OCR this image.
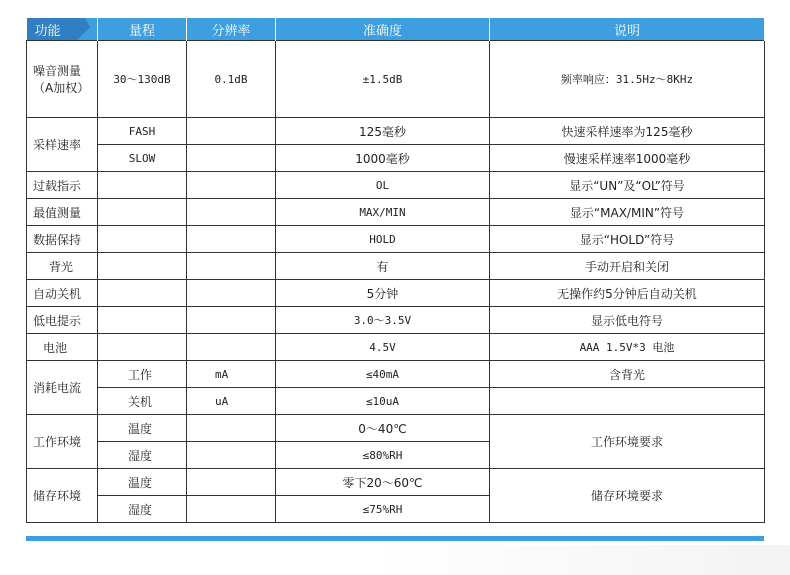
功能	量程	分辨率	准确度	说明
噪音测量
（A加权）	30～130dB	0.1dB	±1.5dB	频率响应：31.5Hz～8KHz
采样速率	FASH		125毫秒	快速采样速率为125毫秒
	SLOW		1000毫秒	慢速采样速率1000毫秒
过载指示			OL	显示“UN”及“OL”符号
最值测量			MAX/MIN	显示“MAX/MIN”符号
数据保持			HOLD	显示“HOLD”符号
背光			有	手动开启和关闭
自动关机			5分钟	无操作约5分钟后自动关机
低电提示			3.0～3.5V	显示低电符号
电池			4.5V	AAA 1.5V*3 电池
消耗电流	工作	mA	≤40mA	含背光
	关机	uA	≤10uA	
工作环境	温度		0～40℃	工作环境要求
	湿度		≤80%RH	
储存环境	温度		零下20～60℃	储存环境要求
	湿度		≤75%RH	
